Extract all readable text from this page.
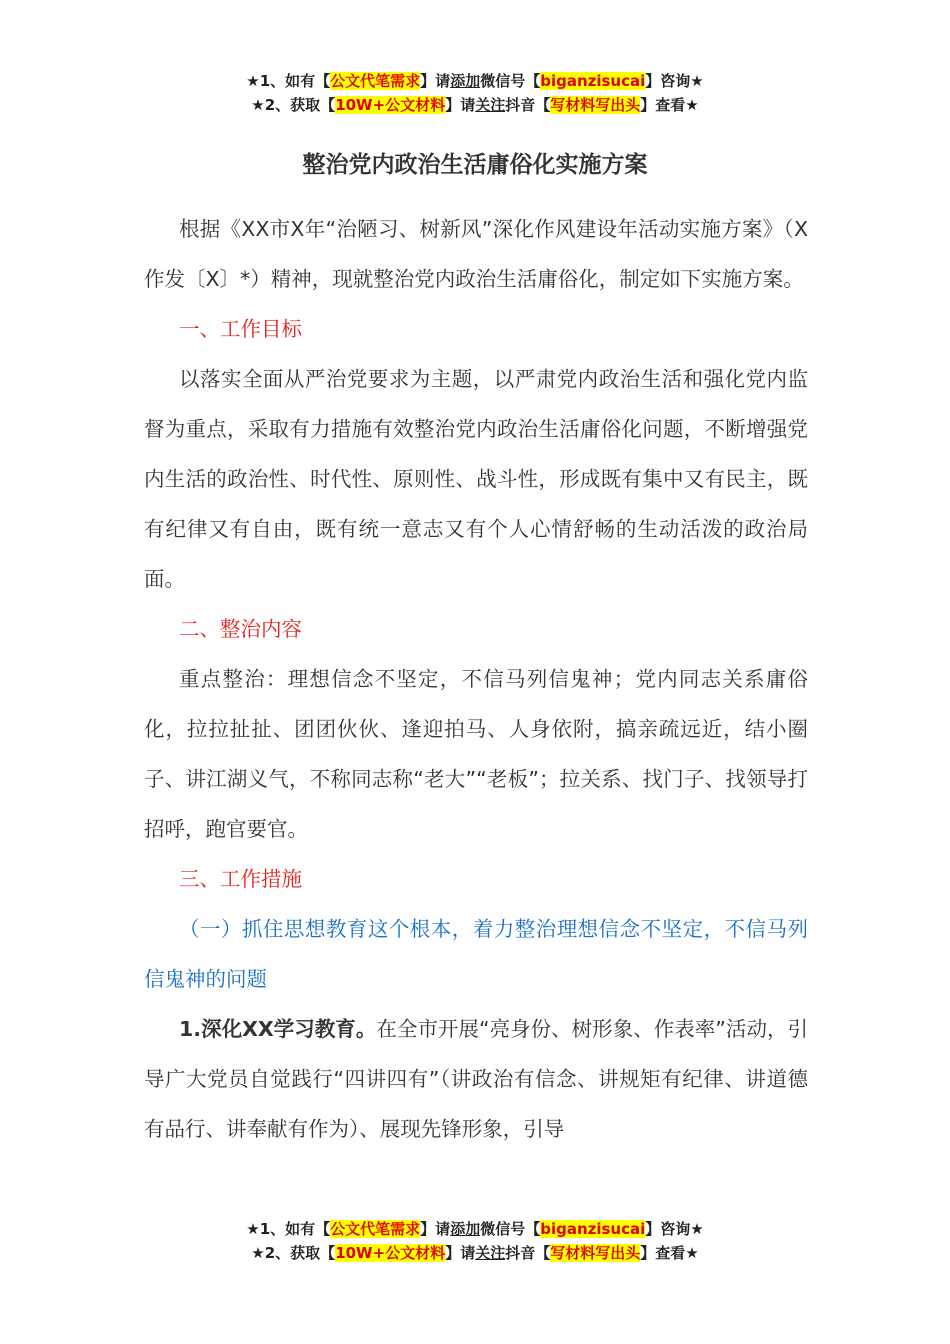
★1、如有【公文代笔需求】请添加微信号【biganzisucai】咨询★
★2、获取【10W+公文材料】请关注抖音【写材料写出头】查看★
整治党内政治生活庸俗化实施方案

根据《XX市X年“治陋习、树新风”深化作风建设年活动实施方案》（X作发〔X〕*）精神，现就整治党内政治生活庸俗化，制定如下实施方案。

一、工作目标

以落实全面从严治党要求为主题，以严肃党内政治生活和强化党内监督为重点，采取有力措施有效整治党内政治生活庸俗化问题，不断增强党内生活的政治性、时代性、原则性、战斗性，形成既有集中又有民主，既有纪律又有自由，既有统一意志又有个人心情舒畅的生动活泼的政治局面。

二、整治内容

重点整治：理想信念不坚定，不信马列信鬼神；党内同志关系庸俗化，拉拉扯扯、团团伙伙、逢迎拍马、人身依附，搞亲疏远近，结小圈子、讲江湖义气，不称同志称“老大”“老板”；拉关系、找门子、找领导打招呼，跑官要官。

三、工作措施

（一）抓住思想教育这个根本，着力整治理想信念不坚定，不信马列信鬼神的问题

1.深化XX学习教育。在全市开展“亮身份、树形象、作表率”活动，引导广大党员自觉践行“四讲四有”（讲政治有信念、讲规矩有纪律、讲道德有品行、讲奉献有作为）、展现先锋形象，引导

★1、如有【公文代笔需求】请添加微信号【biganzisucai】咨询★
★2、获取【10W+公文材料】请关注抖音【写材料写出头】查看★
